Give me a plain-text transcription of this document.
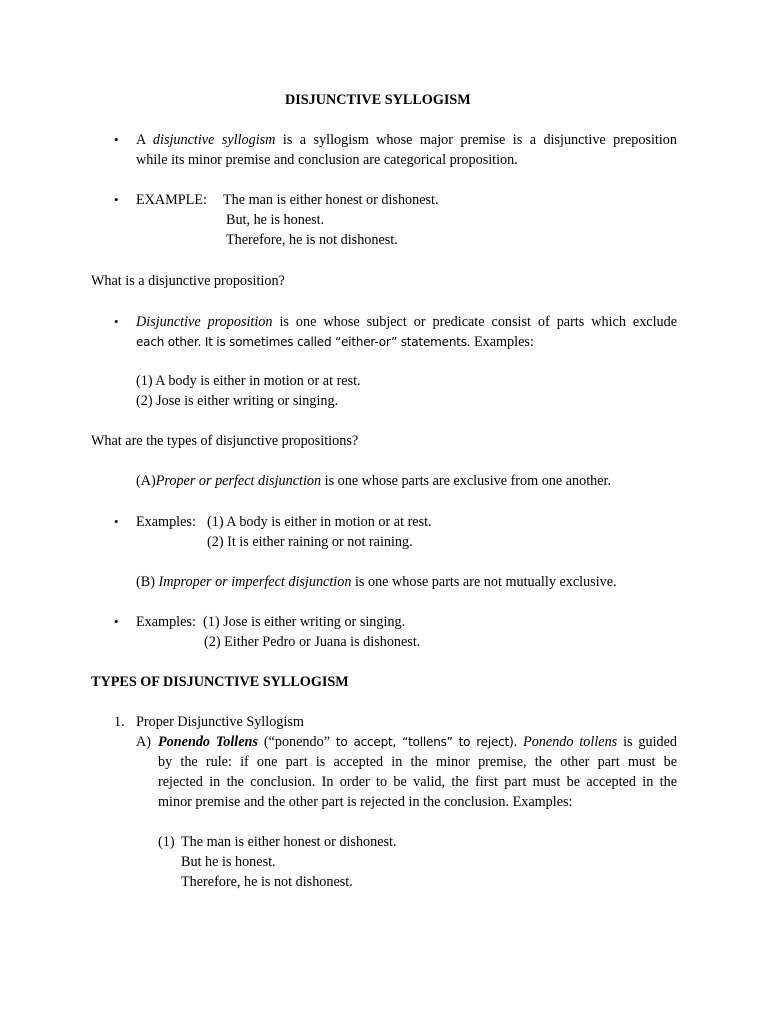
DISJUNCTIVE SYLLOGISM
• A disjunctive syllogism is a syllogism whose major premise is a disjunctive preposition
while its minor premise and conclusion are categorical proposition.
• EXAMPLE: The man is either honest or dishonest.
But, he is honest.
Therefore, he is not dishonest.
What is a disjunctive proposition?
• Disjunctive proposition is one whose subject or predicate consist of parts which exclude
each other. It is sometimes called “either-or” statements. Examples:
(1) A body is either in motion or at rest.
(2) Jose is either writing or singing.
What are the types of disjunctive propositions?
(A)Proper or perfect disjunction is one whose parts are exclusive from one another.
• Examples: (1) A body is either in motion or at rest.
(2) It is either raining or not raining.
(B) Improper or imperfect disjunction is one whose parts are not mutually exclusive.
• Examples: (1) Jose is either writing or singing.
(2) Either Pedro or Juana is dishonest.
TYPES OF DISJUNCTIVE SYLLOGISM
1. Proper Disjunctive Syllogism
A) Ponendo Tollens (“ponendo” to accept, “tollens” to reject). Ponendo tollens is guided
by the rule: if one part is accepted in the minor premise, the other part must be
rejected in the conclusion. In order to be valid, the first part must be accepted in the
minor premise and the other part is rejected in the conclusion. Examples:
(1) The man is either honest or dishonest.
But he is honest.
Therefore, he is not dishonest.
